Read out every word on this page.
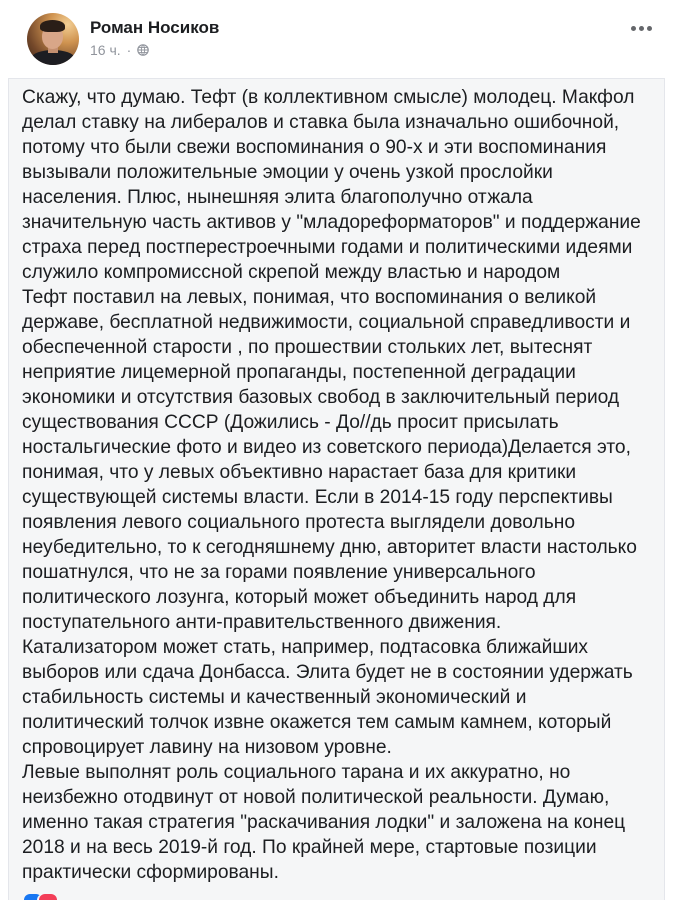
Роман Носиков
16 ч. ·
Скажу, что думаю. Тефт (в коллективном смысле) молодец. Макфол
делал ставку на либералов и ставка была изначально ошибочной,
потому что были свежи воспоминания о 90-х и эти воспоминания
вызывали положительные эмоции у очень узкой прослойки
населения. Плюс, нынешняя элита благополучно отжала
значительную часть активов у "младореформаторов" и поддержание
страха перед постперестроечными годами и политическими идеями
служило компромиссной скрепой между властью и народом
Тефт поставил на левых, понимая, что воспоминания о великой
державе, бесплатной недвижимости, социальной справедливости и
обеспеченной старости , по прошествии стольких лет, вытеснят
неприятие лицемерной пропаганды, постепенной деградации
экономики и отсутствия базовых свобод в заключительный период
существования СССР (Дожились - До//дь просит присылать
ностальгические фото и видео из советского периода)Делается это,
понимая, что у левых объективно нарастает база для критики
существующей системы власти. Если в 2014-15 году перспективы
появления левого социального протеста выглядели довольно
неубедительно, то к сегодняшнему дню, авторитет власти настолько
пошатнулся, что не за горами появление универсального
политического лозунга, который может объединить народ для
поступательного анти-правительственного движения.
Катализатором может стать, например, подтасовка ближайших
выборов или сдача Донбасса. Элита будет не в состоянии удержать
стабильность системы и качественный экономический и
политический толчок извне окажется тем самым камнем, который
спровоцирует лавину на низовом уровне.
Левые выполнят роль социального тарана и их аккуратно, но
неизбежно отодвинут от новой политической реальности. Думаю,
именно такая стратегия "раскачивания лодки" и заложена на конец
2018 и на весь 2019-й год. По крайней мере, стартовые позиции
практически сформированы.
